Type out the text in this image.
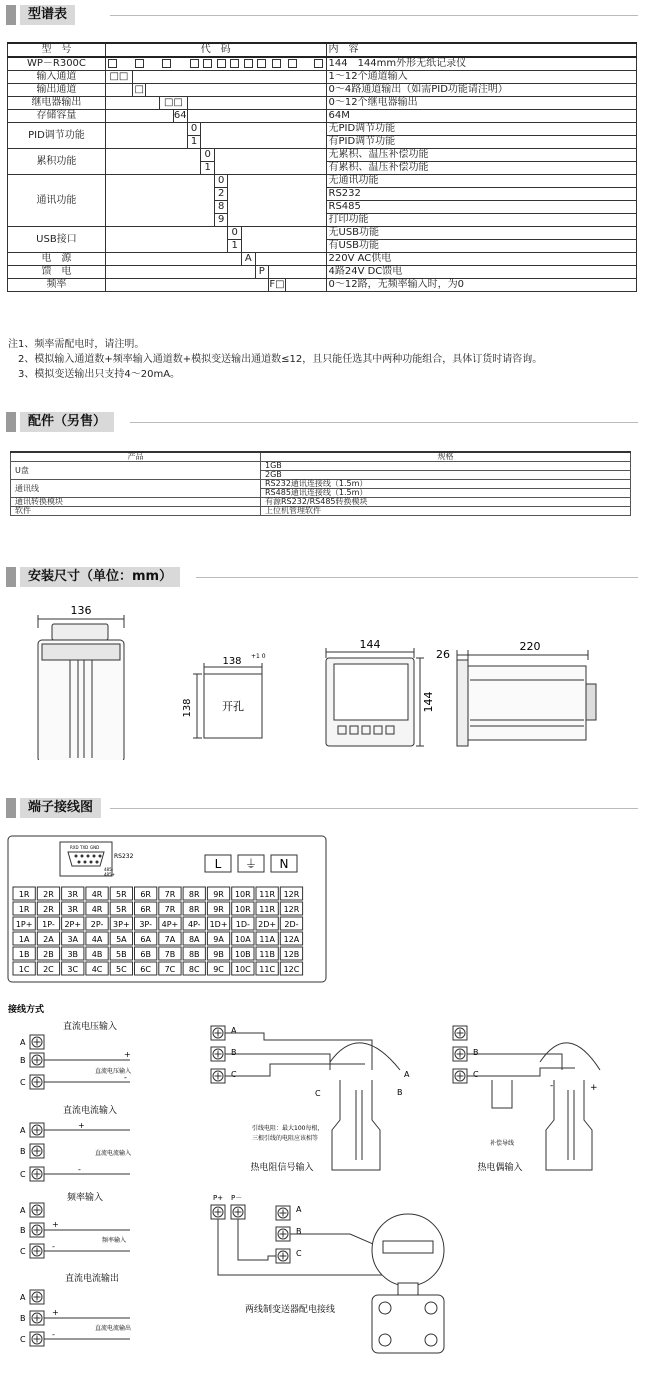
型谱表
型　号	代　码																内　容
WP－R300C																	144　144mm外形无纸记录仪
输入通道	□□																1～12个通道输入
输出通道			□														0～4路通道输出（如需PID功能请注明）
继电器输出					□□												0～12个继电器输出
存储容量						64											64M
PID调节功能							0										无PID调节功能
							1										有PID调节功能
累积功能								0									无累积、温压补偿功能
								1									有累积、温压补偿功能
通讯功能									0								无通讯功能
									2								RS232
									8								RS485
									9								打印功能
USB接口										0							无USB功能
										1							有USB功能
电　源											A						220V AC供电
馈　电												P					4路24V DC馈电
频率													F□				0～12路，无频率输入时，为0
注1、频率需配电时，请注明。
　2、模拟输入通道数+频率输入通道数+模拟变送输出通道数≤12，且只能任选其中两种功能组合，具体订货时请咨询。
　3、模拟变送输出只支持4～20mA。
配件（另售）
产品	规格
U盘	1GB
	2GB
通讯线	RS232通讯连接线（1.5m）
	RS485通讯连接线（1.5m）
通讯转换模块	有源RS232/RS485转换模块
软件	上位机管理软件
安装尺寸（单位：mm）
136
138 +1 0
138	开孔
144
144
26
220
端子接线图
RXD TXD GND
485-
485+
RS232
L ⏚ N
1R 2R 3R 4R 5R 6R 7R 8R 9R 10R 11R 12R
1R 2R 3R 4R 5R 6R 7R 8R 9R 10R 11R 12R
1P+ 1P- 2P+ 2P- 3P+ 3P- 4P+ 4P- 1D+ 1D- 2D+ 2D-
1A 2A 3A 4A 5A 6A 7A 8A 9A 10A 11A 12A
1B 2B 3B 4B 5B 6B 7B 8B 9B 10B 11B 12B
1C 2C 3C 4C 5C 6C 7C 8C 9C 10C 11C 12C
接线方式
直流电压输入
A
B
C
+
-
直流电压输入
直流电流输入
A
B
C
+
-
直流电流输入
频率输入
A
B
C
+
-
频率输入
直流电流输出
A
B
C
+
-
直流电流输出
A
B
C
C	B
A
引线电阻：最大100每根，
三根引线的电阻应该相等
热电阻信号输入
B
C
-	+
补偿导线
热电偶输入
P+ P－
A
B
C
两线制变送器配电接线
